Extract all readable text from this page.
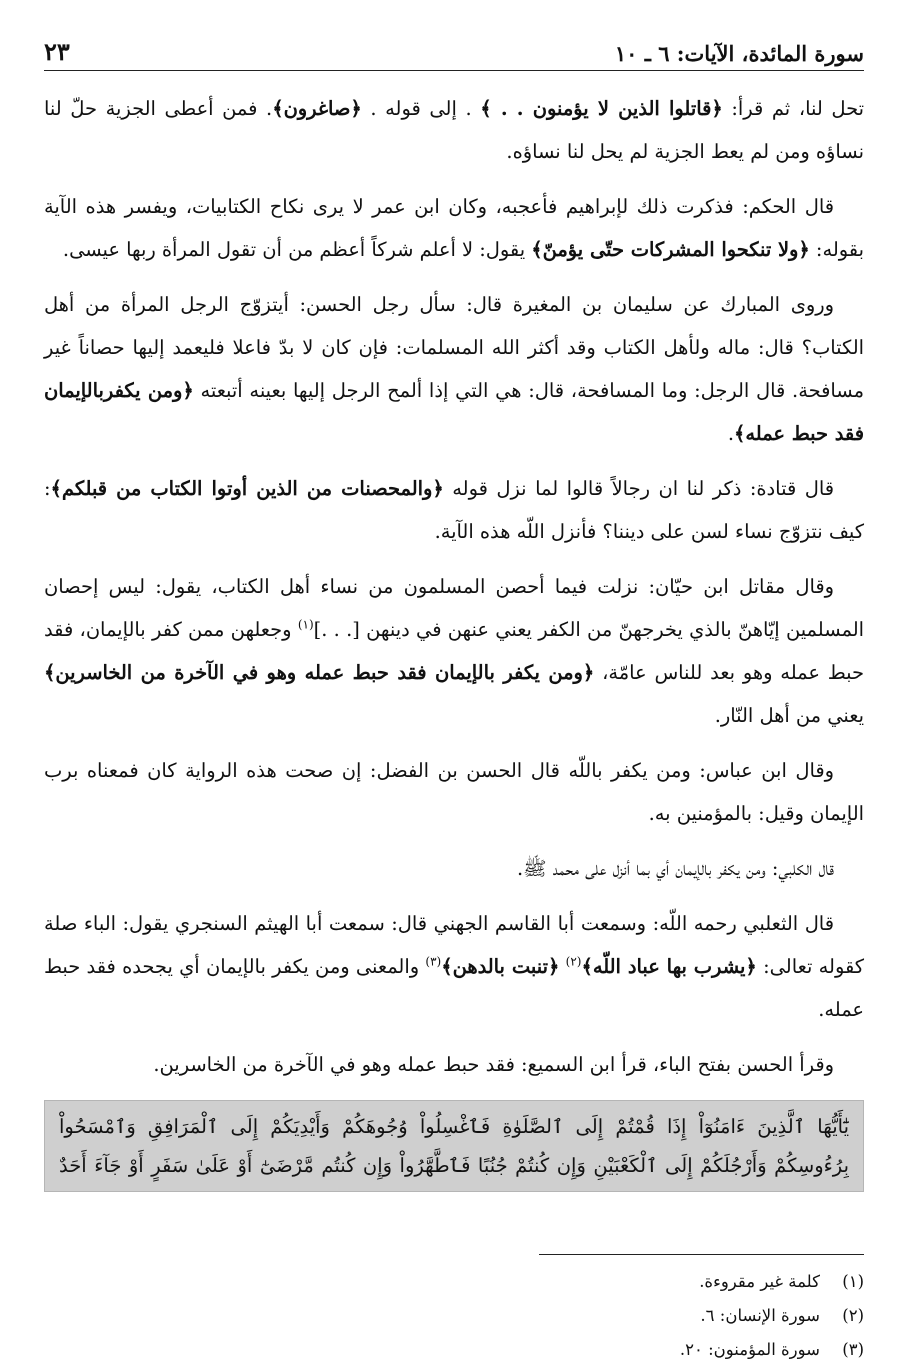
سورة المائدة، الآيات: ٦ ـ ١٠
٢٣

تحل لنا، ثم قرأ: ﴿قاتلوا الذين لا يؤمنون . . ﴾ . إلى قوله . ﴿صاغرون﴾. فمن أعطى الجزية حلّ لنا نساؤه ومن لم يعط الجزية لم يحل لنا نساؤه.

قال الحكم: فذكرت ذلك لإبراهيم فأعجبه، وكان ابن عمر لا يرى نكاح الكتابيات، ويفسر هذه الآية بقوله: ﴿ولا تنكحوا المشركات حتّى يؤمنّ﴾ يقول: لا أعلم شركاً أعظم من أن تقول المرأة ربها عيسى.

وروى المبارك عن سليمان بن المغيرة قال: سأل رجل الحسن: أيتزوّج الرجل المرأة من أهل الكتاب؟ قال: ماله ولأهل الكتاب وقد أكثر الله المسلمات: فإن كان لا بدّ فاعلا فليعمد إليها حصاناً غير مسافحة. قال الرجل: وما المسافحة، قال: هي التي إذا ألمح الرجل إليها بعينه أتبعته ﴿ومن يكفربالإيمان فقد حبط عمله﴾.

قال قتادة: ذكر لنا ان رجالاً قالوا لما نزل قوله ﴿والمحصنات من الذين أوتوا الكتاب من قبلكم﴾: كيف نتزوّج نساء لسن على ديننا؟ فأنزل اللّه هذه الآية.

وقال مقاتل ابن حيّان: نزلت فيما أحصن المسلمون من نساء أهل الكتاب، يقول: ليس إحصان المسلمين إيّاهنّ بالذي يخرجهنّ من الكفر يعني عنهن في دينهن [. . .]$^{(١)}$ وجعلهن ممن كفر بالإيمان، فقد حبط عمله وهو بعد للناس عامّة، ﴿ومن يكفر بالإيمان فقد حبط عمله وهو في الآخرة من الخاسرين﴾ يعني من أهل النّار.

وقال ابن عباس: ومن يكفر باللّه قال الحسن بن الفضل: إن صحت هذه الرواية كان فمعناه برب الإيمان وقيل: بالمؤمنين به.

قال الكلبي: ومن يكفر بالإيمان أي بما أنزل على محمد ﷺ.

قال الثعلبي رحمه اللّه: وسمعت أبا القاسم الجهني قال: سمعت أبا الهيثم السنجري يقول: الباء صلة كقوله تعالى: ﴿يشرب بها عباد اللّه﴾$^{(٢)}$ ﴿تنبت بالدهن﴾$^{(٣)}$ والمعنى ومن يكفر بالإيمان أي يجحده فقد حبط عمله.

وقرأ الحسن بفتح الباء، قرأ ابن السميع: فقد حبط عمله وهو في الآخرة من الخاسرين.

يَٰٓأَيُّهَا ٱلَّذِينَ ءَامَنُوٓاْ إِذَا قُمْتُمْ إِلَى ٱلصَّلَوٰةِ فَٱغْسِلُواْ وُجُوهَكُمْ وَأَيْدِيَكُمْ إِلَى ٱلْمَرَافِقِ وَٱمْسَحُواْ
بِرُءُوسِكُمْ وَأَرْجُلَكُمْ إِلَى ٱلْكَعْبَيْنِ وَإِن كُنتُمْ جُنُبًا فَٱطَّهَّرُواْ وَإِن كُنتُم مَّرْضَىٰٓ أَوْ عَلَىٰ سَفَرٍ أَوْ جَآءَ أَحَدٌ
(١)كلمة غير مقروءة.
(٢)سورة الإنسان: ٦.
(٣)سورة المؤمنون: ٢٠.
